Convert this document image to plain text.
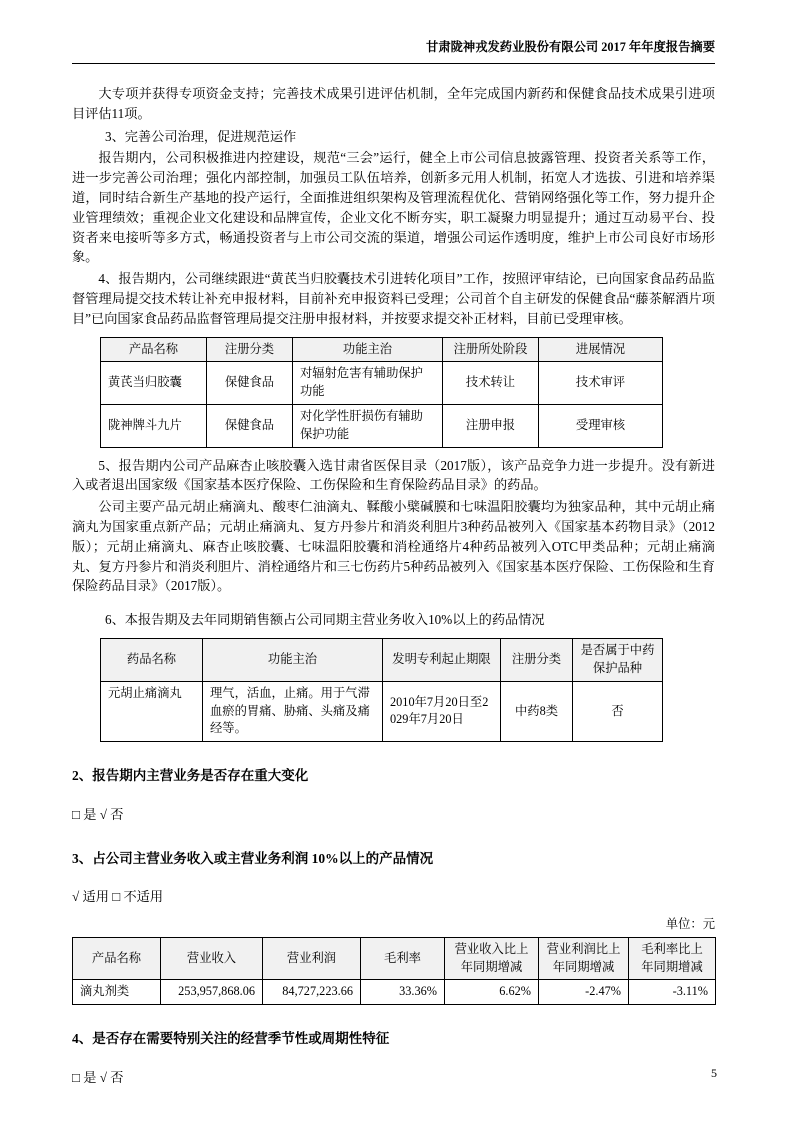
甘肃陇神戎发药业股份有限公司 2017 年年度报告摘要

大专项并获得专项资金支持；完善技术成果引进评估机制，全年完成国内新药和保健食品技术成果引进项目评估11项。

3、完善公司治理，促进规范运作

报告期内，公司积极推进内控建设，规范“三会”运行，健全上市公司信息披露管理、投资者关系等工作，进一步完善公司治理；强化内部控制，加强员工队伍培养，创新多元用人机制，拓宽人才选拔、引进和培养渠道，同时结合新生产基地的投产运行，全面推进组织架构及管理流程优化、营销网络强化等工作，努力提升企业管理绩效；重视企业文化建设和品牌宣传，企业文化不断夯实，职工凝聚力明显提升；通过互动易平台、投资者来电接听等多方式，畅通投资者与上市公司交流的渠道，增强公司运作透明度，维护上市公司良好市场形象。

4、报告期内，公司继续跟进“黄芪当归胶囊技术引进转化项目”工作，按照评审结论，已向国家食品药品监督管理局提交技术转让补充申报材料，目前补充申报资料已受理；公司首个自主研发的保健食品“藤茶解酒片项目”已向国家食品药品监督管理局提交注册申报材料，并按要求提交补正材料，目前已受理审核。

产品名称	注册分类	功能主治	注册所处阶段	进展情况
黄芪当归胶囊	保健食品	对辐射危害有辅助保护功能	技术转让	技术审评
陇神牌斗九片	保健食品	对化学性肝损伤有辅助保护功能	注册申报	受理审核

5、报告期内公司产品麻杏止咳胶囊入选甘肃省医保目录（2017版），该产品竞争力进一步提升。没有新进入或者退出国家级《国家基本医疗保险、工伤保险和生育保险药品目录》的药品。

公司主要产品元胡止痛滴丸、酸枣仁油滴丸、鞣酸小檗碱膜和七味温阳胶囊均为独家品种，其中元胡止痛滴丸为国家重点新产品；元胡止痛滴丸、复方丹参片和消炎利胆片3种药品被列入《国家基本药物目录》（2012版）；元胡止痛滴丸、麻杏止咳胶囊、七味温阳胶囊和消栓通络片4种药品被列入OTC甲类品种；元胡止痛滴丸、复方丹参片和消炎利胆片、消栓通络片和三七伤药片5种药品被列入《国家基本医疗保险、工伤保险和生育保险药品目录》（2017版）。

6、本报告期及去年同期销售额占公司同期主营业务收入10%以上的药品情况

药品名称	功能主治	发明专利起止期限	注册分类	是否属于中药保护品种
元胡止痛滴丸	理气，活血，止痛。用于气滞血瘀的胃痛、胁痛、头痛及痛经等。	2010年7月20日至2029年7月20日	中药8类	否

2、报告期内主营业务是否存在重大变化

□ 是 √ 否

3、占公司主营业务收入或主营业务利润 10%以上的产品情况

√ 适用 □ 不适用

单位：元

产品名称	营业收入	营业利润	毛利率	营业收入比上年同期增减	营业利润比上年同期增减	毛利率比上年同期增减
滴丸剂类	253,957,868.06	84,727,223.66	33.36%	6.62%	-2.47%	-3.11%

4、是否存在需要特别关注的经营季节性或周期性特征

□ 是 √ 否	5
